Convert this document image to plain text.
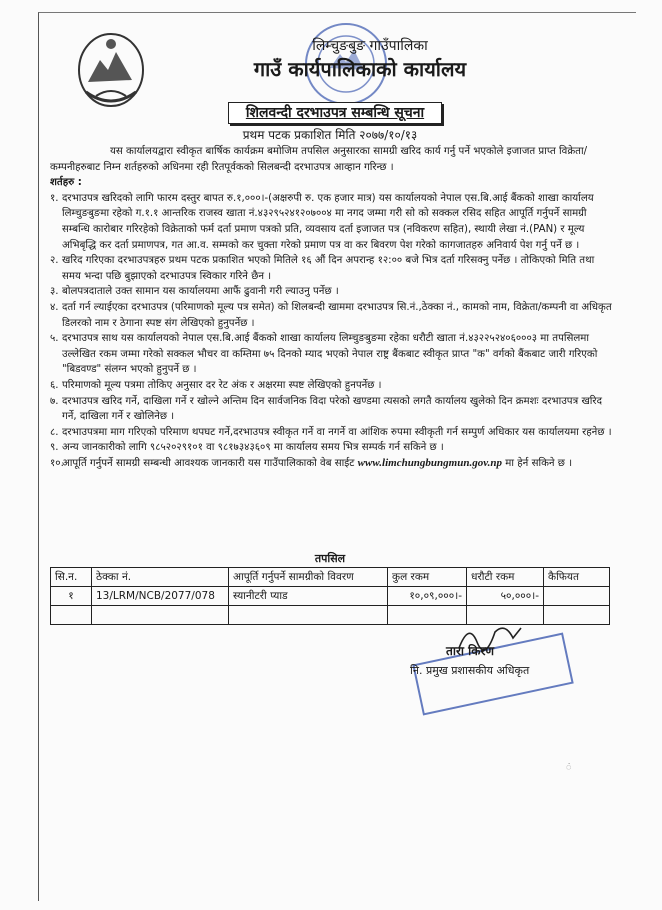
लिम्चुङबुङ गाउँपालिका
गाउँ कार्यपालिकाको कार्यालय
शिलवन्दी दरभाउपत्र सम्बन्धि सूचना
प्रथम पटक प्रकाशित मिति २०७७/१०/१३

यस कार्यालयद्वारा स्वीकृत बार्षिक कार्यक्रम बमोजिम तपसिल अनुसारका सामग्री खरिद कार्य गर्नु पर्ने भएकोले इजाजत प्राप्त विक्रेता/कम्पनीहरुबाट निम्न शर्तहरुको अधिनमा रही रितपूर्वकको सिलबन्दी दरभाउपत्र आव्हान गरिन्छ ।

शर्तहरु :

१. दरभाउपत्र खरिदको लागि फारम दस्तुर बापत रु.१,०००।-(अक्षरुपी रु. एक हजार मात्र) यस कार्यालयको नेपाल एस.बि.आई बैंकको शाखा कार्यालय लिम्चुङबुङमा रहेको ग.१.१ आन्तरिक राजस्व खाता नं.४३२९५२४१२०७००४ मा नगद जम्मा गरी सो को सक्कल रसिद सहित आपूर्ति गर्नुपर्ने सामग्री सम्बन्धि कारोबार गरिरहेको विक्रेताको फर्म दर्ता प्रमाण पत्रको प्रति, व्यवसाय दर्ता इजाजत पत्र (नविकरण सहित), स्थायी लेखा नं.(PAN) र मूल्य अभिबृद्धि कर दर्ता प्रमाणपत्र, गत आ.व. सम्मको कर चुक्ता गरेको प्रमाण पत्र वा कर बिवरण पेश गरेको कागजातहरु अनिवार्य पेश गर्नु पर्ने छ ।
२. खरिद गरिएका दरभाउपत्रहरु प्रथम पटक प्रकाशित भएको मितिले १६ औं दिन अपरान्ह १२:०० बजे भित्र दर्ता गरिसक्नु पर्नेछ । तोकिएको मिति तथा समय भन्दा पछि बुझाएको दरभाउपत्र स्विकार गरिने छैन ।
३. बोलपत्रदाताले उक्त सामान यस कार्यालयमा आफैं ढुवानी गरी ल्याउनु पर्नेछ ।
४. दर्ता गर्न ल्याईएका दरभाउपत्र (परिमाणको मूल्य पत्र समेत) को शिलबन्दी खाममा दरभाउपत्र सि.नं.,ठेक्का नं., कामको नाम, विक्रेता/कम्पनी वा अधिकृत डिलरको नाम र ठेगाना स्पष्ट संग लेखिएको हुनुपर्नेछ ।
५. दरभाउपत्र साथ यस कार्यालयको नेपाल एस.बि.आई बैंकको शाखा कार्यालय लिम्चुङबुङमा रहेका धरौटी खाता नं.४३२२५२४०६०००३ मा तपसिलमा उल्लेखित रकम जम्मा गरेको सक्कल भौचर वा कम्तिमा ७५ दिनको म्याद भएको नेपाल राष्ट्र बैंकबाट स्वीकृत प्राप्त "क" वर्गको बैंकबाट जारी गरिएको "बिडवण्ड" संलग्न भएको हुनुपर्ने छ ।
६. परिमाणको मूल्य पत्रमा तोकिए अनुसार दर रेट अंक र अक्षरमा स्पष्ट लेखिएको हुनपर्नेछ ।
७. दरभाउपत्र खरिद गर्ने, दाखिला गर्ने र खोल्ने अन्तिम दिन सार्वजनिक विदा परेको खण्डमा त्यसको लगतै कार्यालय खुलेको दिन क्रमशः दरभाउपत्र खरिद गर्ने, दाखिला गर्ने र खोलिनेछ ।
८. दरभाउपत्रमा माग गरिएको परिमाण थपघट गर्ने,दरभाउपत्र स्वीकृत गर्ने वा नगर्ने वा आंशिक रुपमा स्वीकृती गर्न सम्पुर्ण अधिकार यस कार्यालयमा रहनेछ ।
९. अन्य जानकारीको लागि ९८५२०२९१०१ वा ९८१७३४३६०९ मा कार्यालय समय भित्र सम्पर्क गर्न सकिने छ ।
१०.
आपूर्ति गर्नुपर्ने सामग्री सम्बन्धी आवश्यक जानकारी यस गाउँपालिकाको वेब साईट www.limchungbungmun.gov.np मा हेर्न सकिने छ ।
तपसिल
सि.न.	ठेक्का नं.	आपूर्ति गर्नुपर्ने सामग्रीको विवरण	कुल रकम	धरौटी रकम	कैफियत
१	13/LRM/NCB/2077/078	स्यानीटरी प्याड	१०,०९,०००।-	५०,०००।-	

तारा किरण
नि. प्रमुख प्रशासकीय अधिकृत
ं
